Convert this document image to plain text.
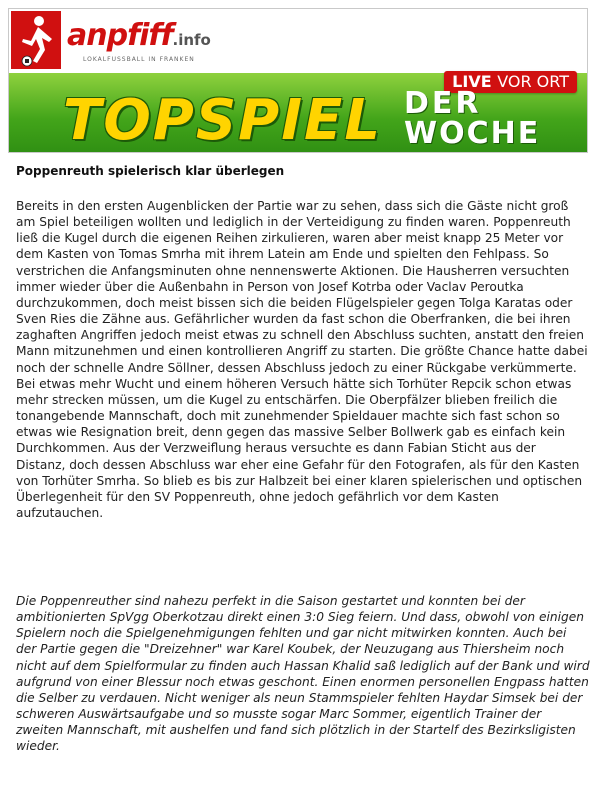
anpfiff.info
LOKALFUSSBALL IN FRANKEN
LIVE VOR ORT
TOPSPIEL DER
WOCHE
Poppenreuth spielerisch klar überlegen

Bereits in den ersten Augenblicken der Partie war zu sehen, dass sich die Gäste nicht groß am Spiel beteiligen wollten und lediglich in der Verteidigung zu finden waren. Poppenreuth ließ die Kugel durch die eigenen Reihen zirkulieren, waren aber meist knapp 25 Meter vor dem Kasten von Tomas Smrha mit ihrem Latein am Ende und spielten den Fehlpass. So verstrichen die Anfangsminuten ohne nennenswerte Aktionen. Die Hausherren versuchten immer wieder über die Außenbahn in Person von Josef Kotrba oder Vaclav Peroutka durchzukommen, doch meist bissen sich die beiden Flügelspieler gegen Tolga Karatas oder Sven Ries die Zähne aus. Gefährlicher wurden da fast schon die Oberfranken, die bei ihren zaghaften Angriffen jedoch meist etwas zu schnell den Abschluss suchten, anstatt den freien Mann mitzunehmen und einen kontrollieren Angriff zu starten. Die größte Chance hatte dabei noch der schnelle Andre Söllner, dessen Abschluss jedoch zu einer Rückgabe verkümmerte. Bei etwas mehr Wucht und einem höheren Versuch hätte sich Torhüter Repcik schon etwas mehr strecken müssen, um die Kugel zu entschärfen. Die Oberpfälzer blieben freilich die tonangebende Mannschaft, doch mit zunehmender Spieldauer machte sich fast schon so etwas wie Resignation breit, denn gegen das massive Selber Bollwerk gab es einfach kein Durchkommen. Aus der Verzweiflung heraus versuchte es dann Fabian Sticht aus der Distanz, doch dessen Abschluss war eher eine Gefahr für den Fotografen, als für den Kasten von Torhüter Smrha. So blieb es bis zur Halbzeit bei einer klaren spielerischen und optischen Überlegenheit für den SV Poppenreuth, ohne jedoch gefährlich vor dem Kasten aufzutauchen.

Die Poppenreuther sind nahezu perfekt in die Saison gestartet und konnten bei der ambitionierten SpVgg Oberkotzau direkt einen 3:0 Sieg feiern. Und dass, obwohl von einigen Spielern noch die Spielgenehmigungen fehlten und gar nicht mitwirken konnten. Auch bei der Partie gegen die "Dreizehner" war Karel Koubek, der Neuzugang aus Thiersheim noch nicht auf dem Spielformular zu finden auch Hassan Khalid saß lediglich auf der Bank und wird aufgrund von einer Blessur noch etwas geschont. Einen enormen personellen Engpass hatten die Selber zu verdauen. Nicht weniger als neun Stammspieler fehlten Haydar Simsek bei der schweren Auswärtsaufgabe und so musste sogar Marc Sommer, eigentlich Trainer der zweiten Mannschaft, mit aushelfen und fand sich plötzlich in der Startelf des Bezirksligisten wieder.
